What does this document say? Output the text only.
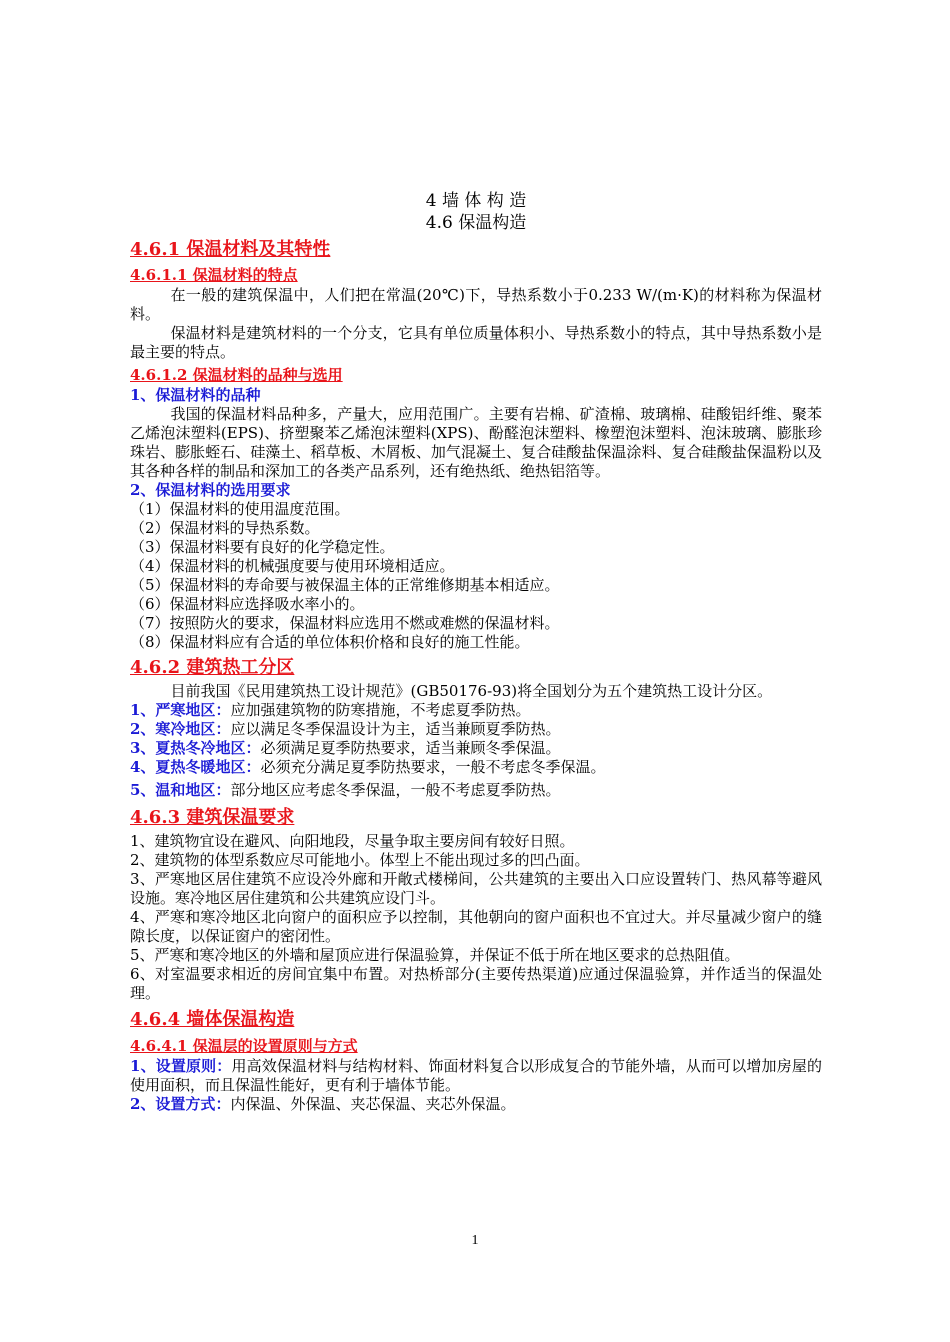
4 墙 体 构 造

4.6 保温构造

4.6.1 保温材料及其特性
4.6.1.1 保温材料的特点

在一般的建筑保温中，人们把在常温(20℃)下，导热系数小于0.233 W/(m·K)的材料称为保温材料。

保温材料是建筑材料的一个分支，它具有单位质量体积小、导热系数小的特点，其中导热系数小是最主要的特点。

4.6.1.2 保温材料的品种与选用
1、保温材料的品种

我国的保温材料品种多，产量大，应用范围广。主要有岩棉、矿渣棉、玻璃棉、硅酸铝纤维、聚苯乙烯泡沫塑料(EPS)、挤塑聚苯乙烯泡沫塑料(XPS)、酚醛泡沫塑料、橡塑泡沫塑料、泡沫玻璃、膨胀珍珠岩、膨胀蛭石、硅藻土、稻草板、木屑板、加气混凝土、复合硅酸盐保温涂料、复合硅酸盐保温粉以及其各种各样的制品和深加工的各类产品系列，还有绝热纸、绝热铝箔等。

2、保温材料的选用要求

（1）保温材料的使用温度范围。

（2）保温材料的导热系数。

（3）保温材料要有良好的化学稳定性。

（4）保温材料的机械强度要与使用环境相适应。

（5）保温材料的寿命要与被保温主体的正常维修期基本相适应。

（6）保温材料应选择吸水率小的。

（7）按照防火的要求，保温材料应选用不燃或难燃的保温材料。

（8）保温材料应有合适的单位体积价格和良好的施工性能。

4.6.2 建筑热工分区

目前我国《民用建筑热工设计规范》(GB50176-93)将全国划分为五个建筑热工设计分区。

1、严寒地区：应加强建筑物的防寒措施，不考虑夏季防热。

2、寒冷地区：应以满足冬季保温设计为主，适当兼顾夏季防热。

3、夏热冬冷地区：必须满足夏季防热要求，适当兼顾冬季保温。

4、夏热冬暖地区：必须充分满足夏季防热要求，一般不考虑冬季保温。

5、温和地区：部分地区应考虑冬季保温，一般不考虑夏季防热。

4.6.3 建筑保温要求

1、建筑物宜设在避风、向阳地段，尽量争取主要房间有较好日照。

2、建筑物的体型系数应尽可能地小。体型上不能出现过多的凹凸面。

3、严寒地区居住建筑不应设冷外廊和开敞式楼梯间，公共建筑的主要出入口应设置转门、热风幕等避风设施。寒冷地区居住建筑和公共建筑应设门斗。

4、严寒和寒冷地区北向窗户的面积应予以控制，其他朝向的窗户面积也不宜过大。并尽量减少窗户的缝隙长度，以保证窗户的密闭性。

5、严寒和寒冷地区的外墙和屋顶应进行保温验算，并保证不低于所在地区要求的总热阻值。

6、对室温要求相近的房间宜集中布置。对热桥部分(主要传热渠道)应通过保温验算，并作适当的保温处理。

4.6.4 墙体保温构造
4.6.4.1 保温层的设置原则与方式

1、设置原则：用高效保温材料与结构材料、饰面材料复合以形成复合的节能外墙，从而可以增加房屋的使用面积，而且保温性能好，更有利于墙体节能。

2、设置方式：内保温、外保温、夹芯保温、夹芯外保温。

1
